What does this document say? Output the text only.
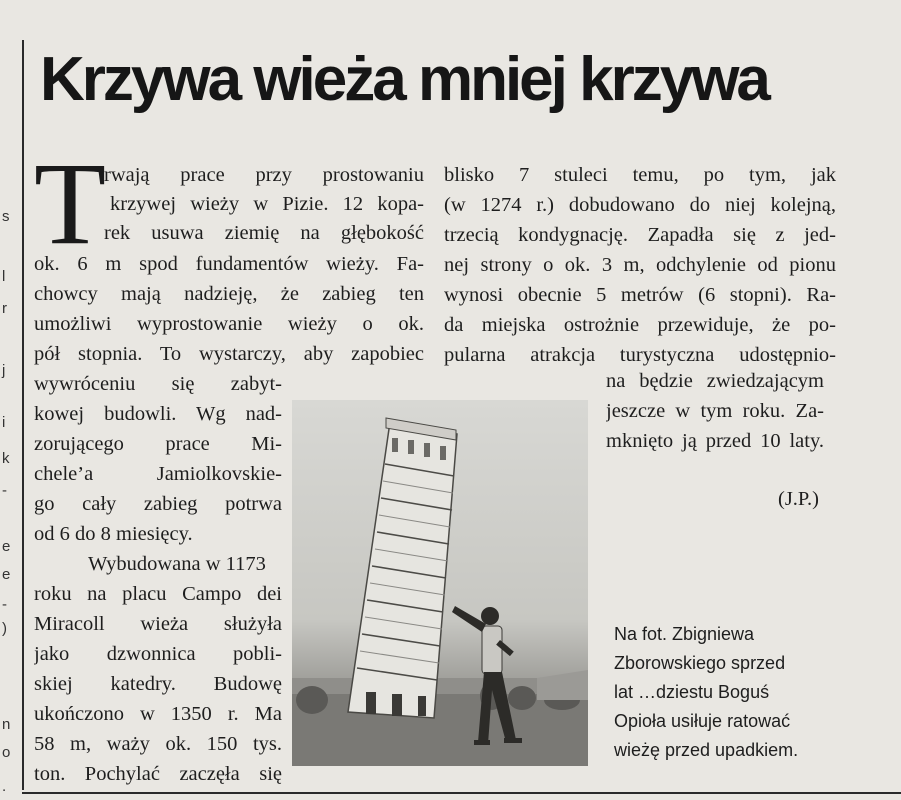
s
l
r
j
i
k
-
e
e
-
)
n
o
.
Krzywa wieża mniej krzywa
T
rwają prace przy prostowaniu
krzywej wieży w Pizie. 12 kopa-
rek usuwa ziemię na głębokość
ok. 6 m spod fundamentów wieży. Fa-
chowcy mają nadzieję, że zabieg ten
umożliwi wyprostowanie wieży o ok.
pół stopnia. To wystarczy, aby zapobiec
wywróceniu się zabyt-
kowej budowli. Wg nad-
zorującego prace Mi-
chele’a Jamiolkovskie-
go cały zabieg potrwa
od 6 do 8 miesięcy.
Wybudowana w 1173
roku na placu Campo dei
Miracoll wieża służyła
jako dzwonnica pobli-
skiej katedry. Budowę
ukończono w 1350 r. Ma
58 m, waży ok. 150 tys.
ton. Pochylać zaczęła się
blisko 7 stuleci temu, po tym, jak
(w 1274 r.) dobudowano do niej kolejną,
trzecią kondygnację. Zapadła się z jed-
nej strony o ok. 3 m, odchylenie od pionu
wynosi obecnie 5 metrów (6 stopni). Ra-
da miejska ostrożnie przewiduje, że po-
pularna atrakcja turystyczna udostępnio-
na będzie zwiedzającym
jeszcze w tym roku. Za-
mknięto ją przed 10 laty.
(J.P.)
Na fot. Zbigniewa
Zborowskiego sprzed
lat …dziestu Boguś
Opioła usiłuje ratować
wieżę przed upadkiem.
